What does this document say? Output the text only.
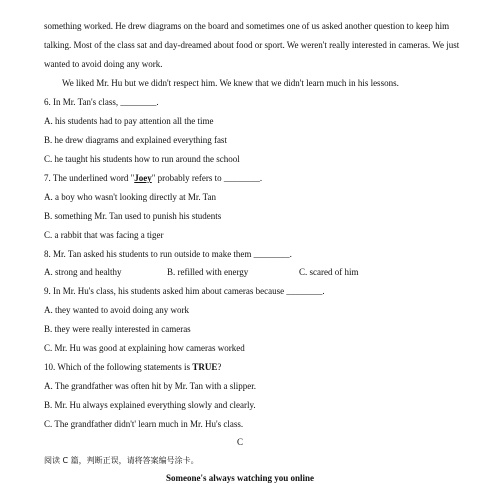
something worked. He drew diagrams on the board and sometimes one of us asked another question to keep him
talking. Most of the class sat and day-dreamed about food or sport. We weren't really interested in cameras. We just
wanted to avoid doing any work.
We liked Mr. Hu but we didn't respect him. We knew that we didn't learn much in his lessons.
6. In Mr. Tan's class, ________.
A. his students had to pay attention all the time
B. he drew diagrams and explained everything fast
C. he taught his students how to run around the school
7. The underlined word "Joey" probably refers to ________.
A. a boy who wasn't looking directly at Mr. Tan
B. something Mr. Tan used to punish his students
C. a rabbit that was facing a tiger
8. Mr. Tan asked his students to run outside to make them ________.
A. strong and healthy	B. refilled with energy	C. scared of him
9. In Mr. Hu's class, his students asked him about cameras because ________.
A. they wanted to avoid doing any work
B. they were really interested in cameras
C. Mr. Hu was good at explaining how cameras worked
10. Which of the following statements is TRUE?
A. The grandfather was often hit by Mr. Tan with a slipper.
B. Mr. Hu always explained everything slowly and clearly.
C. The grandfather didn't' learn much in Mr. Hu's class.
C
阅读 C 篇，判断正误，请将答案编号涂卡。
Someone's always watching you online
